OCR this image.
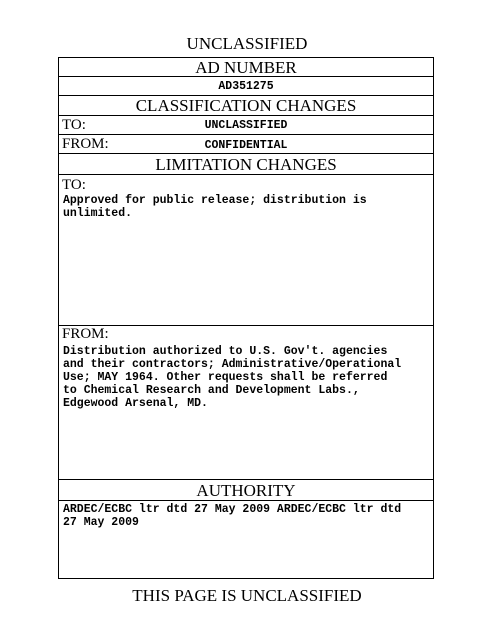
UNCLASSIFIED
AD NUMBER
AD351275
CLASSIFICATION CHANGES
TO:	UNCLASSIFIED
FROM:	CONFIDENTIAL
LIMITATION CHANGES
TO:
Approved for public release; distribution is unlimited.
FROM:
Distribution authorized to U.S. Gov't. agencies and their contractors; Administrative/Operational Use; MAY 1964. Other requests shall be referred to Chemical Research and Development Labs., Edgewood Arsenal, MD.
AUTHORITY
ARDEC/ECBC ltr dtd 27 May 2009 ARDEC/ECBC ltr dtd 27 May 2009
THIS PAGE IS UNCLASSIFIED
